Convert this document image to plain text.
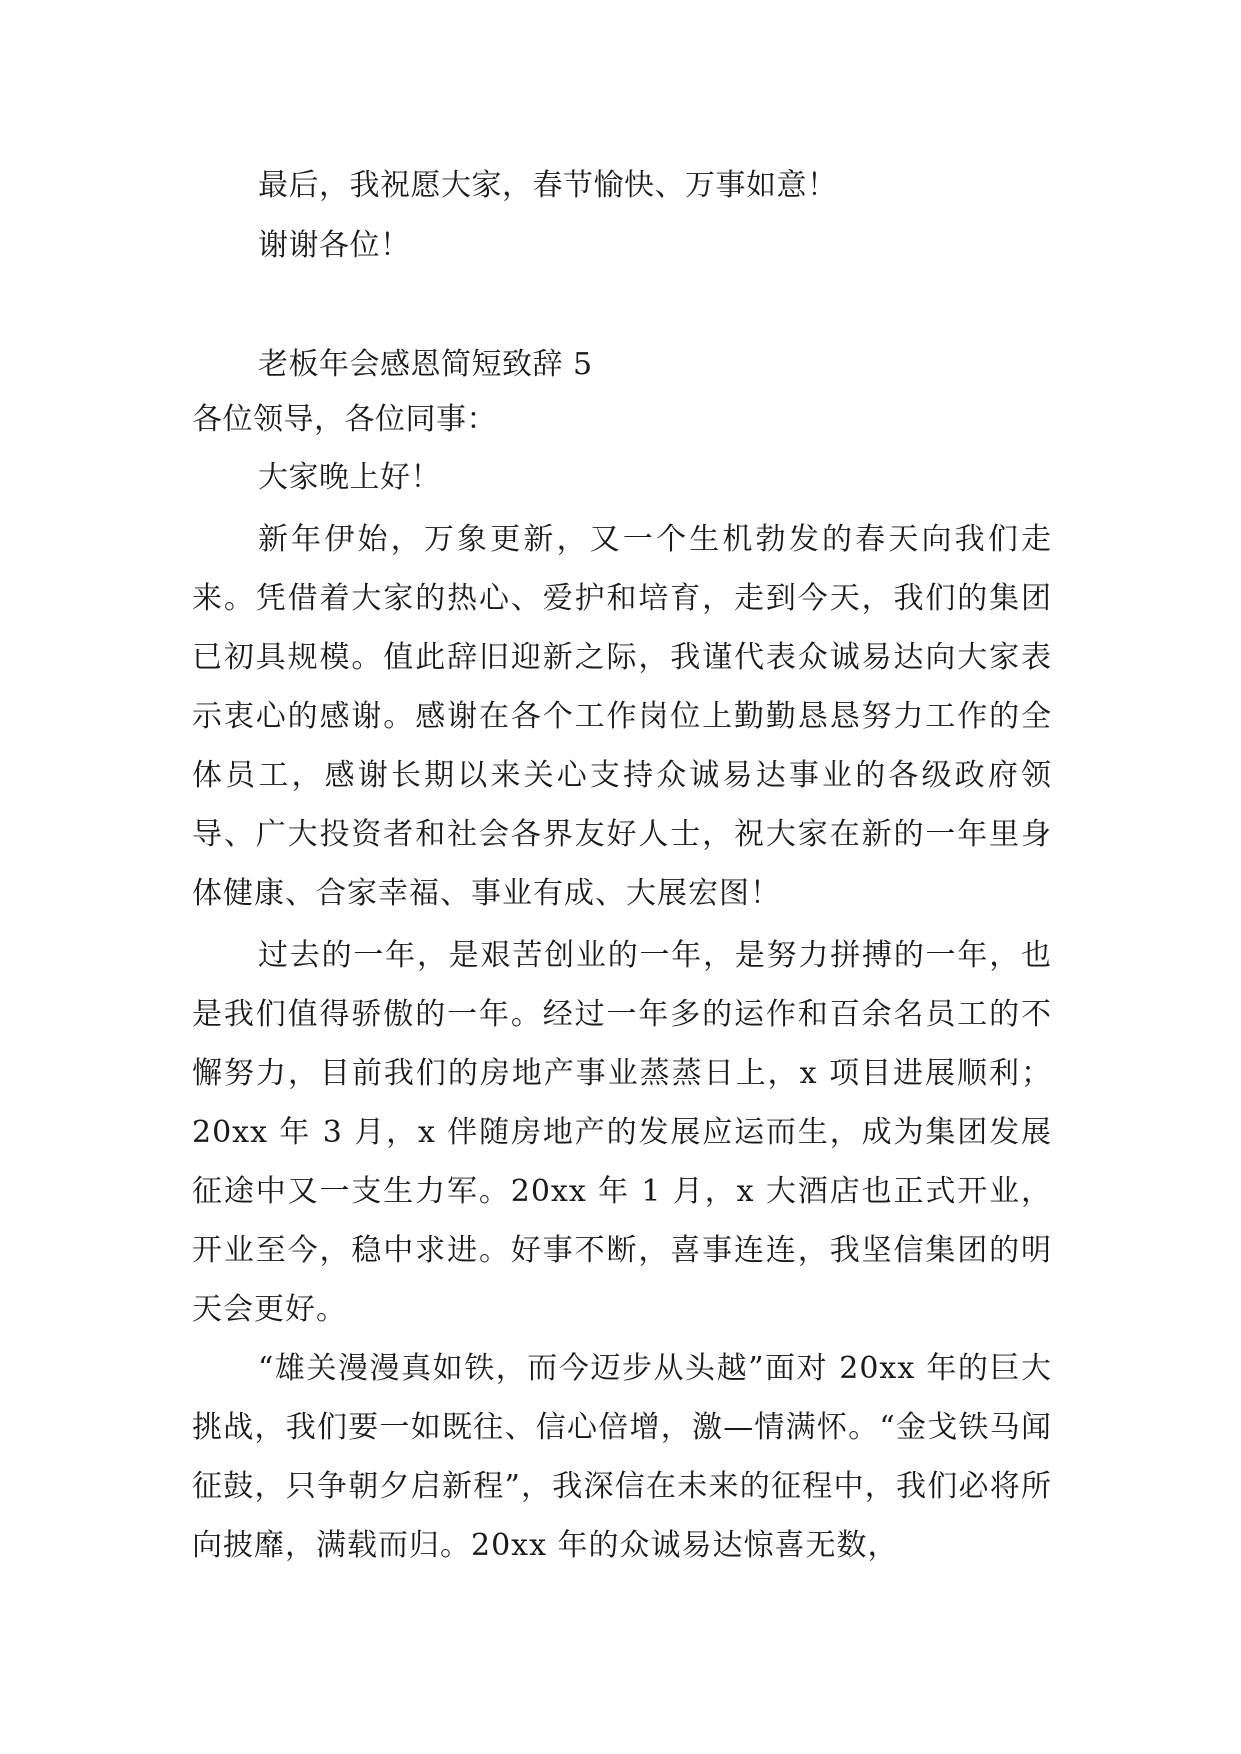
最后，我祝愿大家，春节愉快、万事如意！
谢谢各位！
老板年会感恩简短致辞 5
各位领导，各位同事：
大家晚上好！

新年伊始，万象更新，又一个生机勃发的春天向我们走来。凭借着大家的热心、爱护和培育，走到今天，我们的集团已初具规模。值此辞旧迎新之际，我谨代表众诚易达向大家表示衷心的感谢。感谢在各个工作岗位上勤勤恳恳努力工作的全体员工，感谢长期以来关心支持众诚易达事业的各级政府领导、广大投资者和社会各界友好人士，祝大家在新的一年里身体健康、合家幸福、事业有成、大展宏图！

过去的一年，是艰苦创业的一年，是努力拼搏的一年，也是我们值得骄傲的一年。经过一年多的运作和百余名员工的不懈努力，目前我们的房地产事业蒸蒸日上，x 项目进展顺利；20xx 年 3 月，x 伴随房地产的发展应运而生，成为集团发展征途中又一支生力军。20xx 年 1 月，x 大酒店也正式开业，开业至今，稳中求进。好事不断，喜事连连，我坚信集团的明天会更好。

“雄关漫漫真如铁，而今迈步从头越”面对 20xx 年的巨大挑战，我们要一如既往、信心倍增，激—情满怀。“金戈铁马闻征鼓，只争朝夕启新程”，我深信在未来的征程中，我们必将所向披靡，满载而归。20xx 年的众诚易达惊喜无数，
